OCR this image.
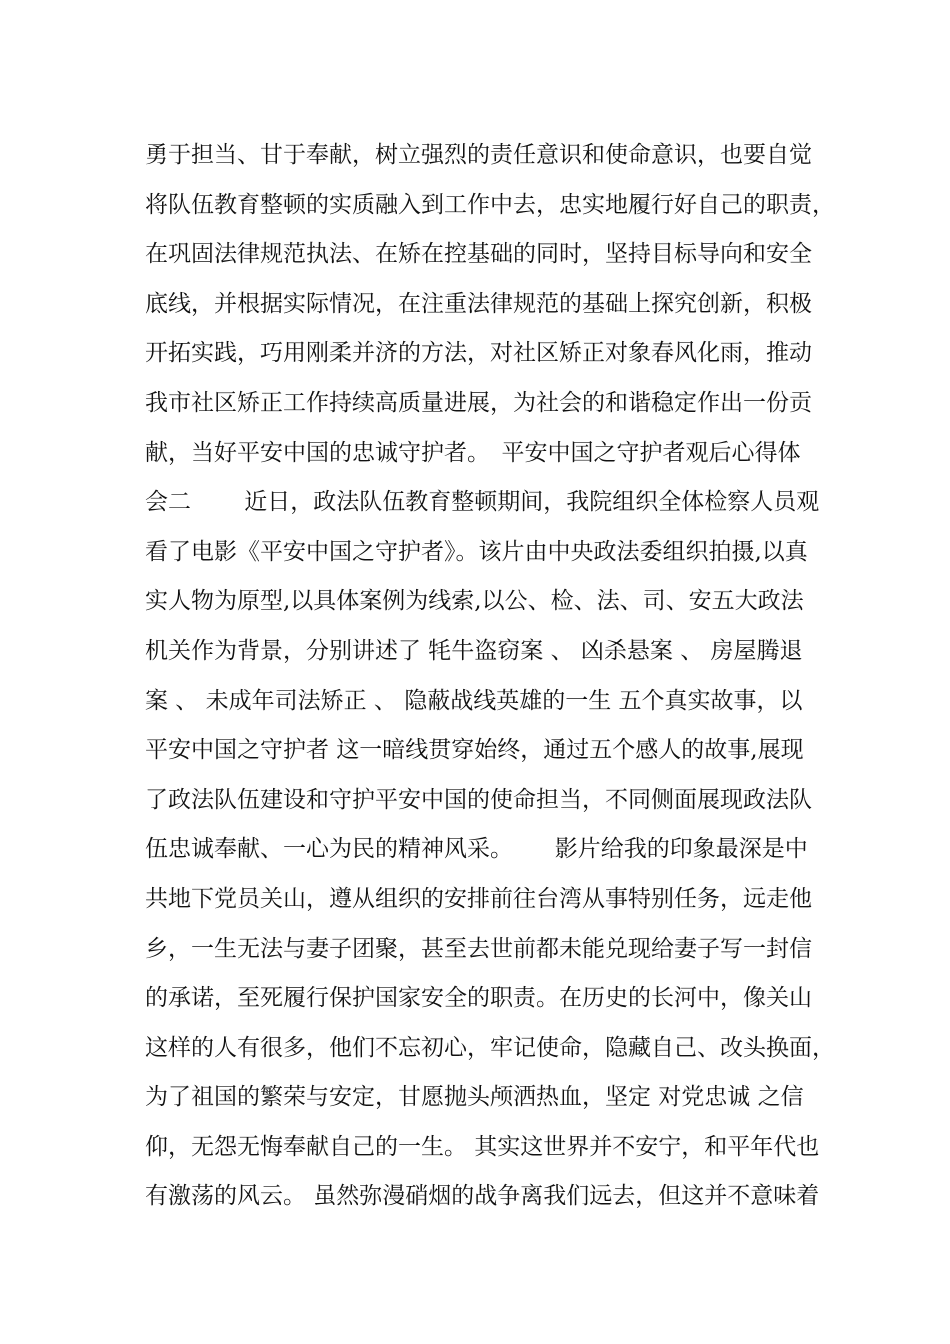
勇于担当、甘于奉献，树立强烈的责任意识和使命意识，也要自觉
将队伍教育整顿的实质融入到工作中去，忠实地履行好自己的职责，
在巩固法律规范执法、在矫在控基础的同时，坚持目标导向和安全
底线，并根据实际情况，在注重法律规范的基础上探究创新，积极
开拓实践，巧用刚柔并济的方法，对社区矫正对象春风化雨，推动
我市社区矫正工作持续高质量进展，为社会的和谐稳定作出一份贡
献，当好平安中国的忠诚守护者。　平安中国之守护者观后心得体
会二　　 近日，政法队伍教育整顿期间，我院组织全体检察人员观
看了电影《平安中国之守护者》。该片由中央政法委组织拍摄,以真
实人物为原型,以具体案例为线索,以公、检、法、司、安五大政法
机关作为背景，分别讲述了 牦牛盗窃案 、 凶杀悬案 、 房屋腾退
案 、 未成年司法矫正 、 隐蔽战线英雄的一生 五个真实故事，以
平安中国之守护者 这一暗线贯穿始终，通过五个感人的故事,展现
了政法队伍建设和守护平安中国的使命担当，不同侧面展现政法队
伍忠诚奉献、一心为民的精神风采。　　 影片给我的印象最深是中
共地下党员关山，遵从组织的安排前往台湾从事特别任务，远走他
乡，一生无法与妻子团聚，甚至去世前都未能兑现给妻子写一封信
的承诺，至死履行保护国家安全的职责。在历史的长河中，像关山
这样的人有很多，他们不忘初心，牢记使命，隐藏自己、改头换面，
为了祖国的繁荣与安定，甘愿抛头颅洒热血，坚定 对党忠诚 之信
仰，无怨无悔奉献自己的一生。 其实这世界并不安宁，和平年代也
有激荡的风云。 虽然弥漫硝烟的战争离我们远去，但这并不意味着
